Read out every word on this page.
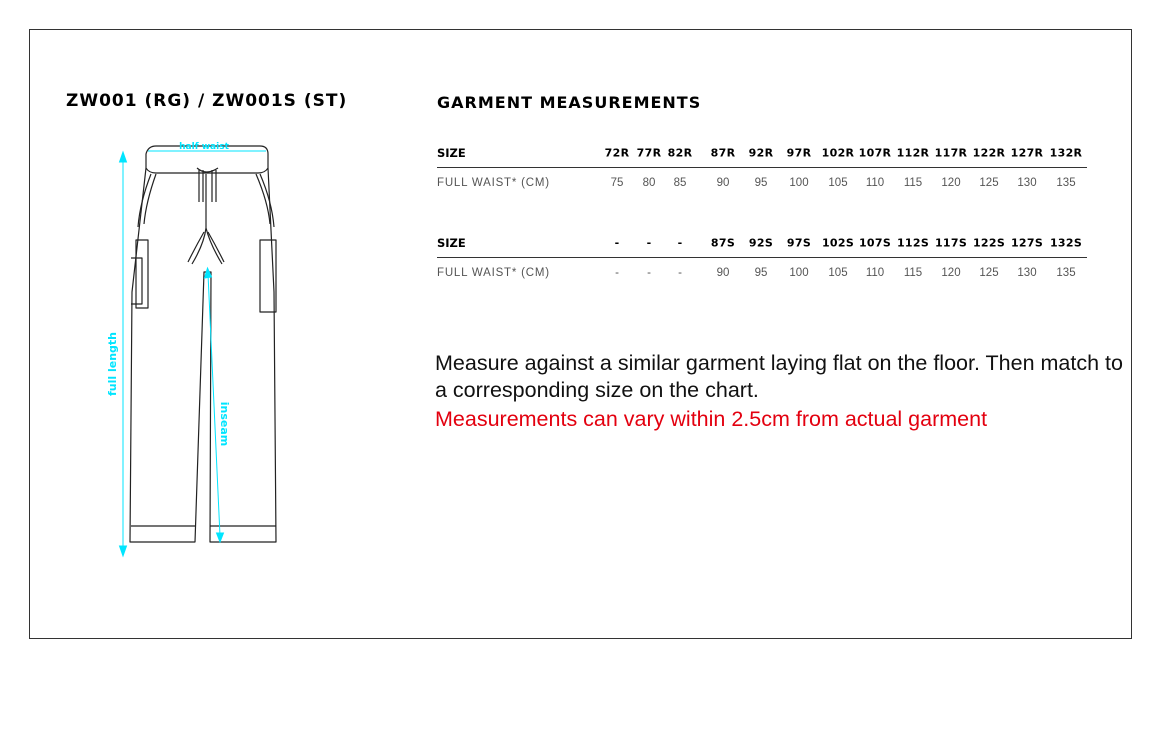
ZW001 (RG) / ZW001S (ST)	GARMENT MEASUREMENTS
half waist
full length
inseam
SIZE	72R 77R 82R 87R 92R 97R 102R 107R 112R 117R 122R 127R 132R
FULL WAIST* (CM)	75 80 85	90 95 100 105 110 115 120 125 130 135
SIZE	- - -	87S 92S 97S 102S 107S 112S 117S 122S 127S 132S
FULL WAIST* (CM)	- - -	90 95 100 105 110 115 120 125 130 135
Measure against a similar garment laying flat on the floor. Then match to a corresponding size on the chart.
Measurements can vary within 2.5cm from actual garment
